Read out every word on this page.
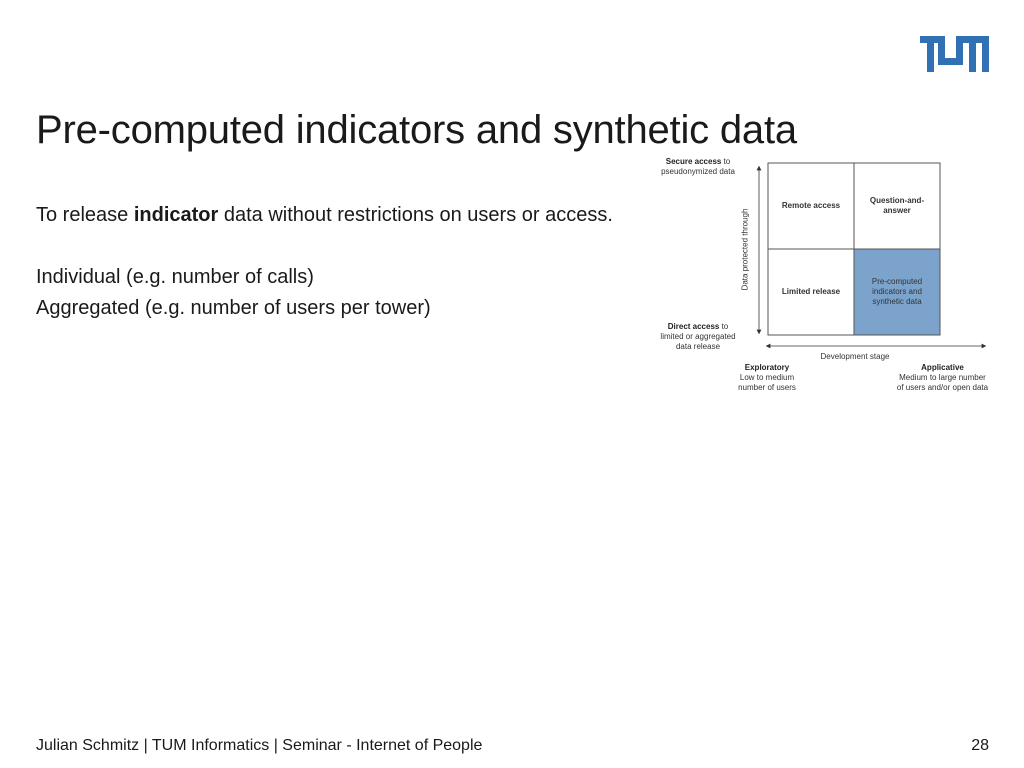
Pre-computed indicators and synthetic data

To release indicator data without restrictions on users or access.

Individual (e.g. number of calls)

Aggregated (e.g. number of users per tower)

Secure access to
pseudonymized data
Direct access to
limited or aggregated
data release
Data protected through
Remote access
Question-and-
answer
Limited release
Pre-computed
indicators and
synthetic data
Development stage
Exploratory
Low to medium
number of users
Applicative
Medium to large number
of users and/or open data
Julian Schmitz | TUM Informatics | Seminar - Internet of People	28
